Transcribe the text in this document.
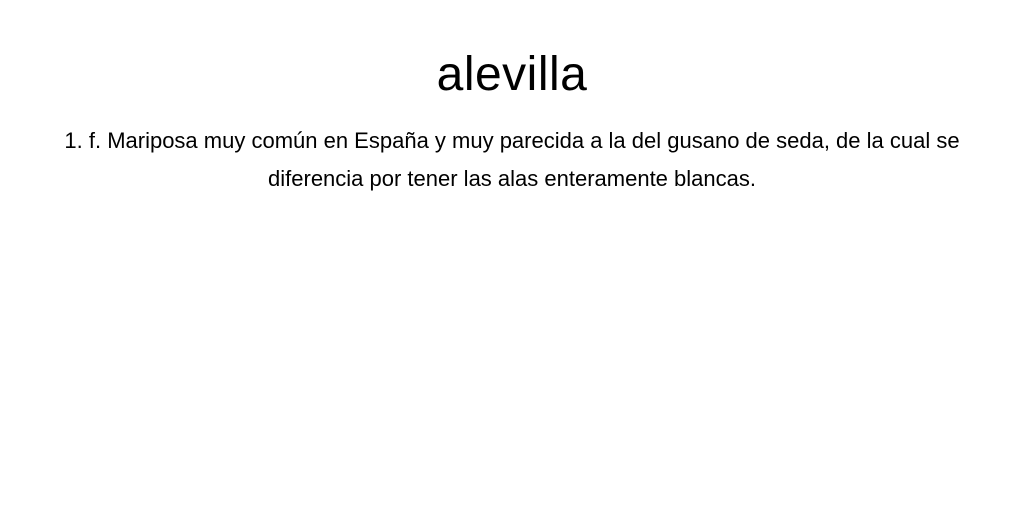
alevilla

1. f. Mariposa muy común en España y muy parecida a la del gusano de seda, de la cual se diferencia por tener las alas enteramente blancas.
